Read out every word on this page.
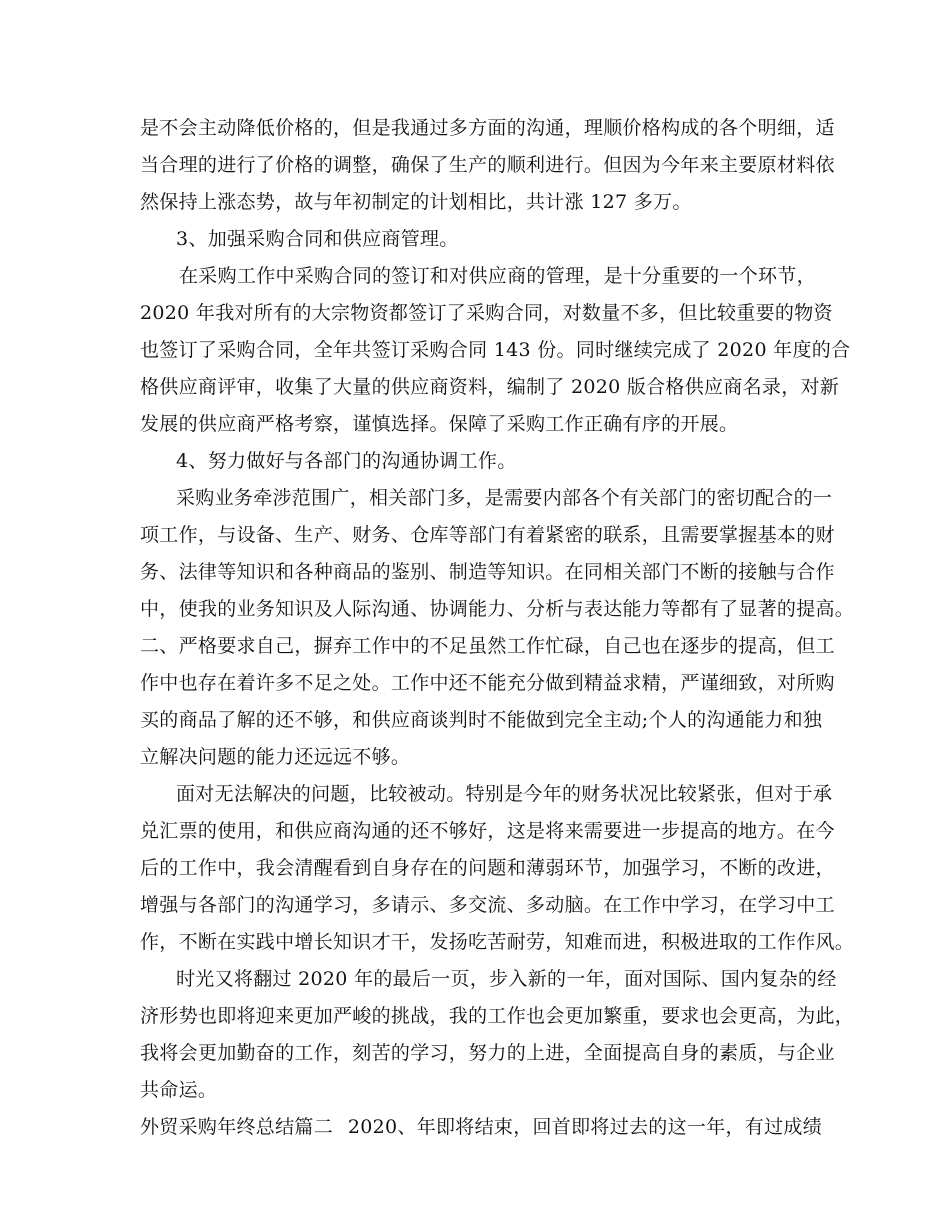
是不会主动降低价格的，但是我通过多方面的沟通，理顺价格构成的各个明细，适
当合理的进行了价格的调整，确保了生产的顺利进行。但因为今年来主要原材料依
然保持上涨态势，故与年初制定的计划相比，共计涨 127 多万。
3、加强采购合同和供应商管理。
在采购工作中采购合同的签订和对供应商的管理，是十分重要的一个环节，
2020 年我对所有的大宗物资都签订了采购合同，对数量不多，但比较重要的物资
也签订了采购合同，全年共签订采购合同 143 份。同时继续完成了 2020 年度的合
格供应商评审，收集了大量的供应商资料，编制了 2020 版合格供应商名录，对新
发展的供应商严格考察，谨慎选择。保障了采购工作正确有序的开展。
4、努力做好与各部门的沟通协调工作。
采购业务牵涉范围广，相关部门多，是需要内部各个有关部门的密切配合的一
项工作，与设备、生产、财务、仓库等部门有着紧密的联系，且需要掌握基本的财
务、法律等知识和各种商品的鉴别、制造等知识。在同相关部门不断的接触与合作
中，使我的业务知识及人际沟通、协调能力、分析与表达能力等都有了显著的提高。
二、严格要求自己，摒弃工作中的不足虽然工作忙碌，自己也在逐步的提高，但工
作中也存在着许多不足之处。工作中还不能充分做到精益求精，严谨细致，对所购
买的商品了解的还不够，和供应商谈判时不能做到完全主动;个人的沟通能力和独
立解决问题的能力还远远不够。
面对无法解决的问题，比较被动。特别是今年的财务状况比较紧张，但对于承
兑汇票的使用，和供应商沟通的还不够好，这是将来需要进一步提高的地方。在今
后的工作中，我会清醒看到自身存在的问题和薄弱环节，加强学习，不断的改进，
增强与各部门的沟通学习，多请示、多交流、多动脑。在工作中学习，在学习中工
作，不断在实践中增长知识才干，发扬吃苦耐劳，知难而进，积极进取的工作作风。
时光又将翻过 2020 年的最后一页，步入新的一年，面对国际、国内复杂的经
济形势也即将迎来更加严峻的挑战，我的工作也会更加繁重，要求也会更高，为此，
我将会更加勤奋的工作，刻苦的学习，努力的上进，全面提高自身的素质，与企业
共命运。
外贸采购年终总结篇二 2020、年即将结束，回首即将过去的这一年，有过成绩
